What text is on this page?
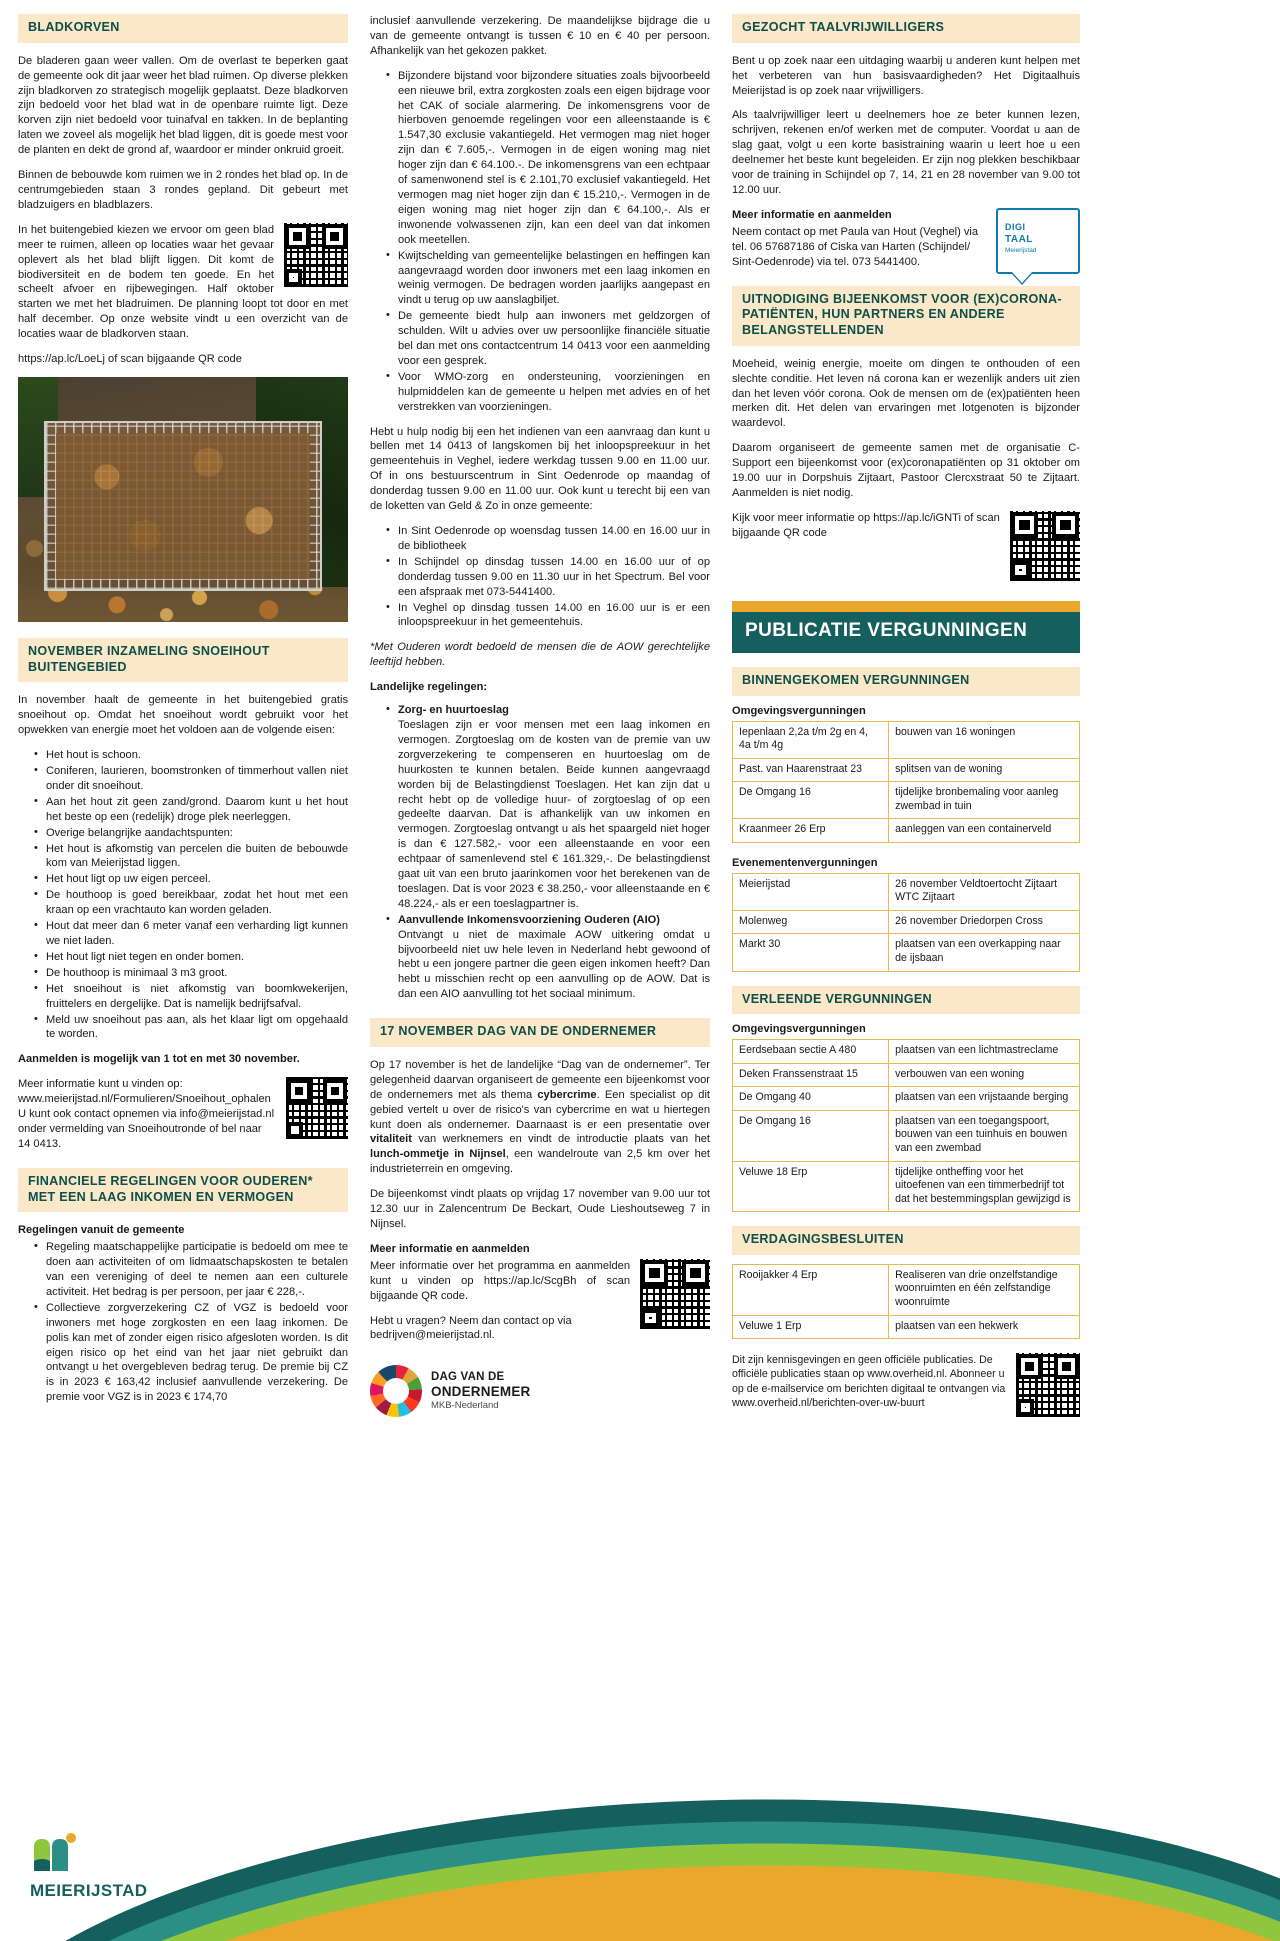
BLADKORVEN

De bladeren gaan weer vallen. Om de overlast te beperken gaat de gemeente ook dit jaar weer het blad ruimen. Op diverse plekken zijn bladkorven zo strategisch mogelijk geplaatst. Deze bladkorven zijn bedoeld voor het blad wat in de openbare ruimte ligt. Deze korven zijn niet bedoeld voor tuinafval en takken. In de beplanting laten we zoveel als mogelijk het blad liggen, dit is goede mest voor de planten en dekt de grond af, waardoor er minder onkruid groeit.

Binnen de bebouwde kom ruimen we in 2 rondes het blad op. In de centrumgebieden staan 3 rondes gepland. Dit gebeurt met bladzuigers en bladblazers.

In het buitengebied kiezen we ervoor om geen blad meer te ruimen, alleen op locaties waar het gevaar oplevert als het blad blijft liggen. Dit komt de biodiversiteit en de bodem ten goede. En het scheelt afvoer en rijbewegingen. Half oktober starten we met het bladruimen. De planning loopt tot door en met half december. Op onze website vindt u een overzicht van de locaties waar de bladkorven staan.

https://ap.lc/LoeLj of scan bijgaande QR code

NOVEMBER INZAMELING SNOEIHOUT BUITENGEBIED

In november haalt de gemeente in het buitengebied gratis snoeihout op. Omdat het snoeihout wordt gebruikt voor het opwekken van energie moet het voldoen aan de volgende eisen:

• Het hout is schoon.
• Coniferen, laurieren, boomstronken of timmerhout vallen niet onder dit snoeihout.
• Aan het hout zit geen zand/grond. Daarom kunt u het hout het beste op een (redelijk) droge plek neerleggen.
• Overige belangrijke aandachtspunten:
• Het hout is afkomstig van percelen die buiten de bebouwde kom van Meierijstad liggen.
• Het hout ligt op uw eigen perceel.
• De houthoop is goed bereikbaar, zodat het hout met een kraan op een vrachtauto kan worden geladen.
• Hout dat meer dan 6 meter vanaf een verharding ligt kunnen we niet laden.
• Het hout ligt niet tegen en onder bomen.
• De houthoop is minimaal 3 m3 groot.
• Het snoeihout is niet afkomstig van boomkwekerijen, fruittelers en dergelijke. Dat is namelijk bedrijfsafval.
• Meld uw snoeihout pas aan, als het klaar ligt om opgehaald te worden.

Aanmelden is mogelijk van 1 tot en met 30 november.

Meer informatie kunt u vinden op: www.meierijstad.nl/Formulieren/Snoeihout_ophalen U kunt ook contact opnemen via info@meierijstad.nl onder vermelding van Snoeihoutronde of bel naar 14 0413.

FINANCIELE REGELINGEN VOOR OUDEREN* MET EEN LAAG INKOMEN EN VERMOGEN

Regelingen vanuit de gemeente

• Regeling maatschappelijke participatie is bedoeld om mee te doen aan activiteiten of om lidmaatschapskosten te betalen van een vereniging of deel te nemen aan een culturele activiteit. Het bedrag is per persoon, per jaar € 228,-.
• Collectieve zorgverzekering CZ of VGZ is bedoeld voor inwoners met hoge zorgkosten en een laag inkomen. De polis kan met of zonder eigen risico afgesloten worden. Is dit eigen risico op het eind van het jaar niet gebruikt dan ontvangt u het overgebleven bedrag terug. De premie bij CZ is in 2023 € 163,42 inclusief aanvullende verzekering. De premie voor VGZ is in 2023 € 174,70

inclusief aanvullende verzekering. De maandelijkse bijdrage die u van de gemeente ontvangt is tussen € 10 en € 40 per persoon. Afhankelijk van het gekozen pakket.

• Bijzondere bijstand voor bijzondere situaties zoals bijvoorbeeld een nieuwe bril, extra zorgkosten zoals een eigen bijdrage voor het CAK of sociale alarmering. De inkomensgrens voor de hierboven genoemde regelingen voor een alleenstaande is € 1.547,30 exclusie vakantiegeld. Het vermogen mag niet hoger zijn dan € 7.605,-. Vermogen in de eigen woning mag niet hoger zijn dan € 64.100.-. De inkomensgrens van een echtpaar of samenwonend stel is € 2.101,70 exclusief vakantiegeld. Het vermogen mag niet hoger zijn dan € 15.210,-. Vermogen in de eigen woning mag niet hoger zijn dan € 64.100,-. Als er inwonende volwassenen zijn, kan een deel van dat inkomen ook meetellen.
• Kwijtschelding van gemeentelijke belastingen en heffingen kan aangevraagd worden door inwoners met een laag inkomen en weinig vermogen. De bedragen worden jaarlijks aangepast en vindt u terug op uw aanslagbiljet.
• De gemeente biedt hulp aan inwoners met geldzorgen of schulden. Wilt u advies over uw persoonlijke financiële situatie bel dan met ons contactcentrum 14 0413 voor een aanmelding voor een gesprek.
• Voor WMO-zorg en ondersteuning, voorzieningen en hulpmiddelen kan de gemeente u helpen met advies en of het verstrekken van voorzieningen.

Hebt u hulp nodig bij een het indienen van een aanvraag dan kunt u bellen met 14 0413 of langskomen bij het inloopspreekuur in het gemeentehuis in Veghel, iedere werkdag tussen 9.00 en 11.00 uur. Of in ons bestuurscentrum in Sint Oedenrode op maandag of donderdag tussen 9.00 en 11.00 uur. Ook kunt u terecht bij een van de loketten van Geld & Zo in onze gemeente:

• In Sint Oedenrode op woensdag tussen 14.00 en 16.00 uur in de bibliotheek
• In Schijndel op dinsdag tussen 14.00 en 16.00 uur of op donderdag tussen 9.00 en 11.30 uur in het Spectrum. Bel voor een afspraak met 073-5441400.
• In Veghel op dinsdag tussen 14.00 en 16.00 uur is er een inloopspreekuur in het gemeentehuis.

*Met Ouderen wordt bedoeld de mensen die de AOW gerechtelijke leeftijd hebben.

Landelijke regelingen:

• Zorg- en huurtoeslag
Toeslagen zijn er voor mensen met een laag inkomen en vermogen. Zorgtoeslag om de kosten van de premie van uw zorgverzekering te compenseren en huurtoeslag om de huurkosten te kunnen betalen. Beide kunnen aangevraagd worden bij de Belastingdienst Toeslagen. Het kan zijn dat u recht hebt op de volledige huur- of zorgtoeslag of op een gedeelte daarvan. Dat is afhankelijk van uw inkomen en vermogen. Zorgtoeslag ontvangt u als het spaargeld niet hoger is dan € 127.582,- voor een alleenstaande en voor een echtpaar of samenlevend stel € 161.329,-. De belastingdienst gaat uit van een bruto jaarinkomen voor het berekenen van de toeslagen. Dat is voor 2023 € 38.250,- voor alleenstaande en € 48.224,- als er een toeslagpartner is.
• Aanvullende Inkomensvoorziening Ouderen (AIO)
Ontvangt u niet de maximale AOW uitkering omdat u bijvoorbeeld niet uw hele leven in Nederland hebt gewoond of hebt u een jongere partner die geen eigen inkomen heeft? Dan hebt u misschien recht op een aanvulling op de AOW. Dat is dan een AIO aanvulling tot het sociaal minimum.
17 NOVEMBER DAG VAN DE ONDERNEMER

Op 17 november is het de landelijke “Dag van de ondernemer”. Ter gelegenheid daarvan organiseert de gemeente een bijeenkomst voor de ondernemers met als thema cybercrime. Een specialist op dit gebied vertelt u over de risico's van cybercrime en wat u hiertegen kunt doen als ondernemer. Daarnaast is er een presentatie over vitaliteit van werknemers en vindt de introductie plaats van het lunch-ommetje in Nijnsel, een wandelroute van 2,5 km over het industrieterrein en omgeving.

De bijeenkomst vindt plaats op vrijdag 17 november van 9.00 uur tot 12.30 uur in Zalencentrum De Beckart, Oude Lieshoutseweg 7 in Nijnsel.

Meer informatie en aanmelden

Meer informatie over het programma en aanmelden kunt u vinden op https://ap.lc/ScgBh of scan bijgaande QR code.

Hebt u vragen? Neem dan contact op via bedrijven@meierijstad.nl.

DAG VAN DE
ONDERNEMER
MKB-Nederland
GEZOCHT TAALVRIJWILLIGERS

Bent u op zoek naar een uitdaging waarbij u anderen kunt helpen met het verbeteren van hun basisvaardigheden? Het Digitaalhuis Meierijstad is op zoek naar vrijwilligers.

Als taalvrijwilliger leert u deelnemers hoe ze beter kunnen lezen, schrijven, rekenen en/of werken met de computer. Voordat u aan de slag gaat, volgt u een korte basistraining waarin u leert hoe u een deelnemer het beste kunt begeleiden. Er zijn nog plekken beschikbaar voor de training in Schijndel op 7, 14, 21 en 28 november van 9.00 tot 12.00 uur.

DIGI
TAAL
Meierijstad

Meer informatie en aanmelden

Neem contact op met Paula van Hout (Veghel) via tel. 06 57687186 of Ciska van Harten (Schijndel/ Sint-Oedenrode) via tel. 073 5441400.

UITNODIGING BIJEENKOMST VOOR (EX)CORONA-PATIËNTEN, HUN PARTNERS EN ANDERE BELANGSTELLENDEN

Moeheid, weinig energie, moeite om dingen te onthouden of een slechte conditie. Het leven ná corona kan er wezenlijk anders uit zien dan het leven vóór corona. Ook de mensen om de (ex)patiënten heen merken dit. Het delen van ervaringen met lotgenoten is bijzonder waardevol.

Daarom organiseert de gemeente samen met de organisatie C-Support een bijeenkomst voor (ex)coronapatiënten op 31 oktober om 19.00 uur in Dorpshuis Zijtaart, Pastoor Clercxstraat 50 te Zijtaart. Aanmelden is niet nodig.

Kijk voor meer informatie op https://ap.lc/iGNTi of scan bijgaande QR code

PUBLICATIE VERGUNNINGEN
BINNENGEKOMEN VERGUNNINGEN

Omgevingsvergunningen

Iepenlaan 2,2a t/m 2g en 4, 4a t/m 4g	bouwen van 16 woningen
Past. van Haarenstraat 23	splitsen van de woning
De Omgang 16	tijdelijke bronbemaling voor aanleg zwembad in tuin
Kraanmeer 26 Erp	aanleggen van een containerveld

Evenementenvergunningen

Meierijstad	26 november Veldtoertocht Zijtaart WTC Zijtaart
Molenweg	26 november Driedorpen Cross
Markt 30	plaatsen van een overkapping naar de ijsbaan
VERLEENDE VERGUNNINGEN

Omgevingsvergunningen

Eerdsebaan sectie A 480	plaatsen van een lichtmastreclame
Deken Franssenstraat 15	verbouwen van een woning
De Omgang 40	plaatsen van een vrijstaande berging
De Omgang 16	plaatsen van een toegangspoort, bouwen van een tuinhuis en bouwen van een zwembad
Veluwe 18 Erp	tijdelijke ontheffing voor het uitoefenen van een timmerbedrijf tot dat het bestemmingsplan gewijzigd is
VERDAGINGSBESLUITEN
Rooijakker 4 Erp	Realiseren van drie onzelfstandige woonruimten en één zelfstandige woonruimte
Veluwe 1 Erp	plaatsen van een hekwerk

Dit zijn kennisgevingen en geen officiële publicaties. De officiële publicaties staan op www.overheid.nl. Abonneer u op de e-mailservice om berichten digitaal te ontvangen via www.overheid.nl/berichten-over-uw-buurt

MEIERIJSTAD
